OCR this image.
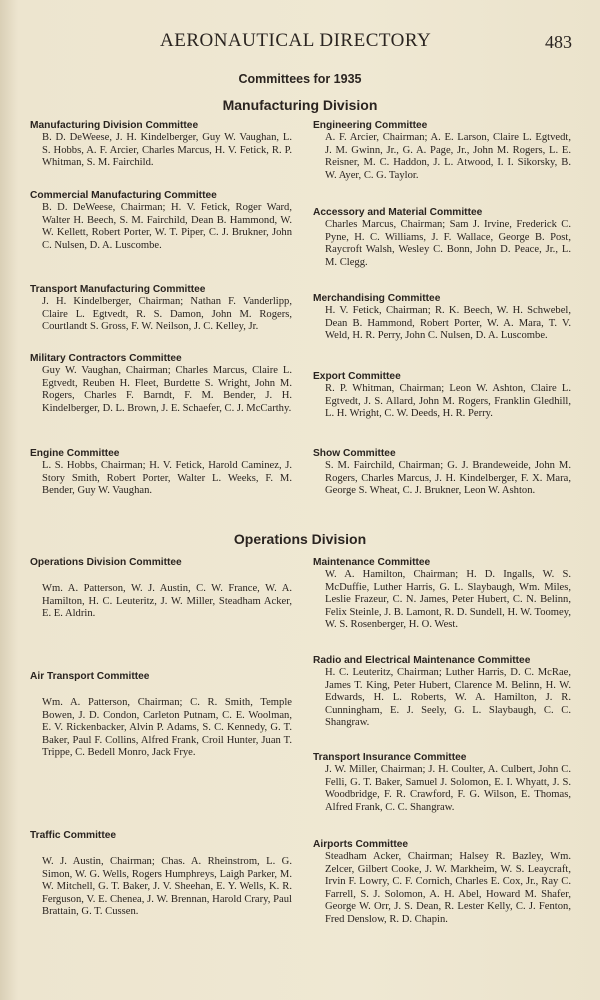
AERONAUTICAL DIRECTORY	483
Committees for 1935
Manufacturing Division
Manufacturing Division Committee
B. D. DeWeese, J. H. Kindelberger, Guy W. Vaughan, L. S. Hobbs, A. F. Arcier, Charles Marcus, H. V. Fetick, R. P. Whitman, S. M. Fairchild.
Commercial Manufacturing Committee
B. D. DeWeese, Chairman; H. V. Fetick, Roger Ward, Walter H. Beech, S. M. Fairchild, Dean B. Hammond, W. W. Kellett, Robert Porter, W. T. Piper, C. J. Brukner, John C. Nulsen, D. A. Luscombe.
Transport Manufacturing Committee
J. H. Kindelberger, Chairman; Nathan F. Vanderlipp, Claire L. Egtvedt, R. S. Damon, John M. Rogers, Courtlandt S. Gross, F. W. Neilson, J. C. Kelley, Jr.
Military Contractors Committee
Guy W. Vaughan, Chairman; Charles Marcus, Claire L. Egtvedt, Reuben H. Fleet, Burdette S. Wright, John M. Rogers, Charles F. Barndt, F. M. Bender, J. H. Kindelberger, D. L. Brown, J. E. Schaefer, C. J. McCarthy.
Engine Committee
L. S. Hobbs, Chairman; H. V. Fetick, Harold Caminez, J. Story Smith, Robert Porter, Walter L. Weeks, F. M. Bender, Guy W. Vaughan.
Engineering Committee
A. F. Arcier, Chairman; A. E. Larson, Claire L. Egtvedt, J. M. Gwinn, Jr., G. A. Page, Jr., John M. Rogers, L. E. Reisner, M. C. Haddon, J. L. Atwood, I. I. Sikorsky, B. W. Ayer, C. G. Taylor.
Accessory and Material Committee
Charles Marcus, Chairman; Sam J. Irvine, Frederick C. Pyne, H. C. Williams, J. F. Wallace, George B. Post, Raycroft Walsh, Wesley C. Bonn, John D. Peace, Jr., L. M. Clegg.
Merchandising Committee
H. V. Fetick, Chairman; R. K. Beech, W. H. Schwebel, Dean B. Hammond, Robert Porter, W. A. Mara, T. V. Weld, H. R. Perry, John C. Nulsen, D. A. Luscombe.
Export Committee
R. P. Whitman, Chairman; Leon W. Ashton, Claire L. Egtvedt, J. S. Allard, John M. Rogers, Franklin Gledhill, L. H. Wright, C. W. Deeds, H. R. Perry.
Show Committee
S. M. Fairchild, Chairman; G. J. Brandeweide, John M. Rogers, Charles Marcus, J. H. Kindelberger, F. X. Mara, George S. Wheat, C. J. Brukner, Leon W. Ashton.
Operations Division
Operations Division Committee
Wm. A. Patterson, W. J. Austin, C. W. France, W. A. Hamilton, H. C. Leuteritz, J. W. Miller, Steadham Acker, E. E. Aldrin.
Air Transport Committee
Wm. A. Patterson, Chairman; C. R. Smith, Temple Bowen, J. D. Condon, Carleton Putnam, C. E. Woolman, E. V. Rickenbacker, Alvin P. Adams, S. C. Kennedy, G. T. Baker, Paul F. Collins, Alfred Frank, Croil Hunter, Juan T. Trippe, C. Bedell Monro, Jack Frye.
Traffic Committee
W. J. Austin, Chairman; Chas. A. Rheinstrom, L. G. Simon, W. G. Wells, Rogers Humphreys, Laigh Parker, M. W. Mitchell, G. T. Baker, J. V. Sheehan, E. Y. Wells, K. R. Ferguson, V. E. Chenea, J. W. Brennan, Harold Crary, Paul Brattain, G. T. Cussen.
Maintenance Committee
W. A. Hamilton, Chairman; H. D. Ingalls, W. S. McDuffie, Luther Harris, G. L. Slaybaugh, Wm. Miles, Leslie Frazeur, C. N. James, Peter Hubert, C. N. Belinn, Felix Steinle, J. B. Lamont, R. D. Sundell, H. W. Toomey, W. S. Rosenberger, H. O. West.
Radio and Electrical Maintenance Committee
H. C. Leuteritz, Chairman; Luther Harris, D. C. McRae, James T. King, Peter Hubert, Clarence M. Belinn, H. W. Edwards, H. L. Roberts, W. A. Hamilton, J. R. Cunningham, E. J. Seely, G. L. Slaybaugh, C. C. Shangraw.
Transport Insurance Committee
J. W. Miller, Chairman; J. H. Coulter, A. Culbert, John C. Felli, G. T. Baker, Samuel J. Solomon, E. I. Whyatt, J. S. Woodbridge, F. R. Crawford, F. G. Wilson, E. Thomas, Alfred Frank, C. C. Shangraw.
Airports Committee
Steadham Acker, Chairman; Halsey R. Bazley, Wm. Zelcer, Gilbert Cooke, J. W. Markheim, W. S. Leaycraft, Irvin F. Lowry, C. F. Cornich, Charles E. Cox, Jr., Ray C. Farrell, S. J. Solomon, A. H. Abel, Howard M. Shafer, George W. Orr, J. S. Dean, R. Lester Kelly, C. J. Fenton, Fred Denslow, R. D. Chapin.
